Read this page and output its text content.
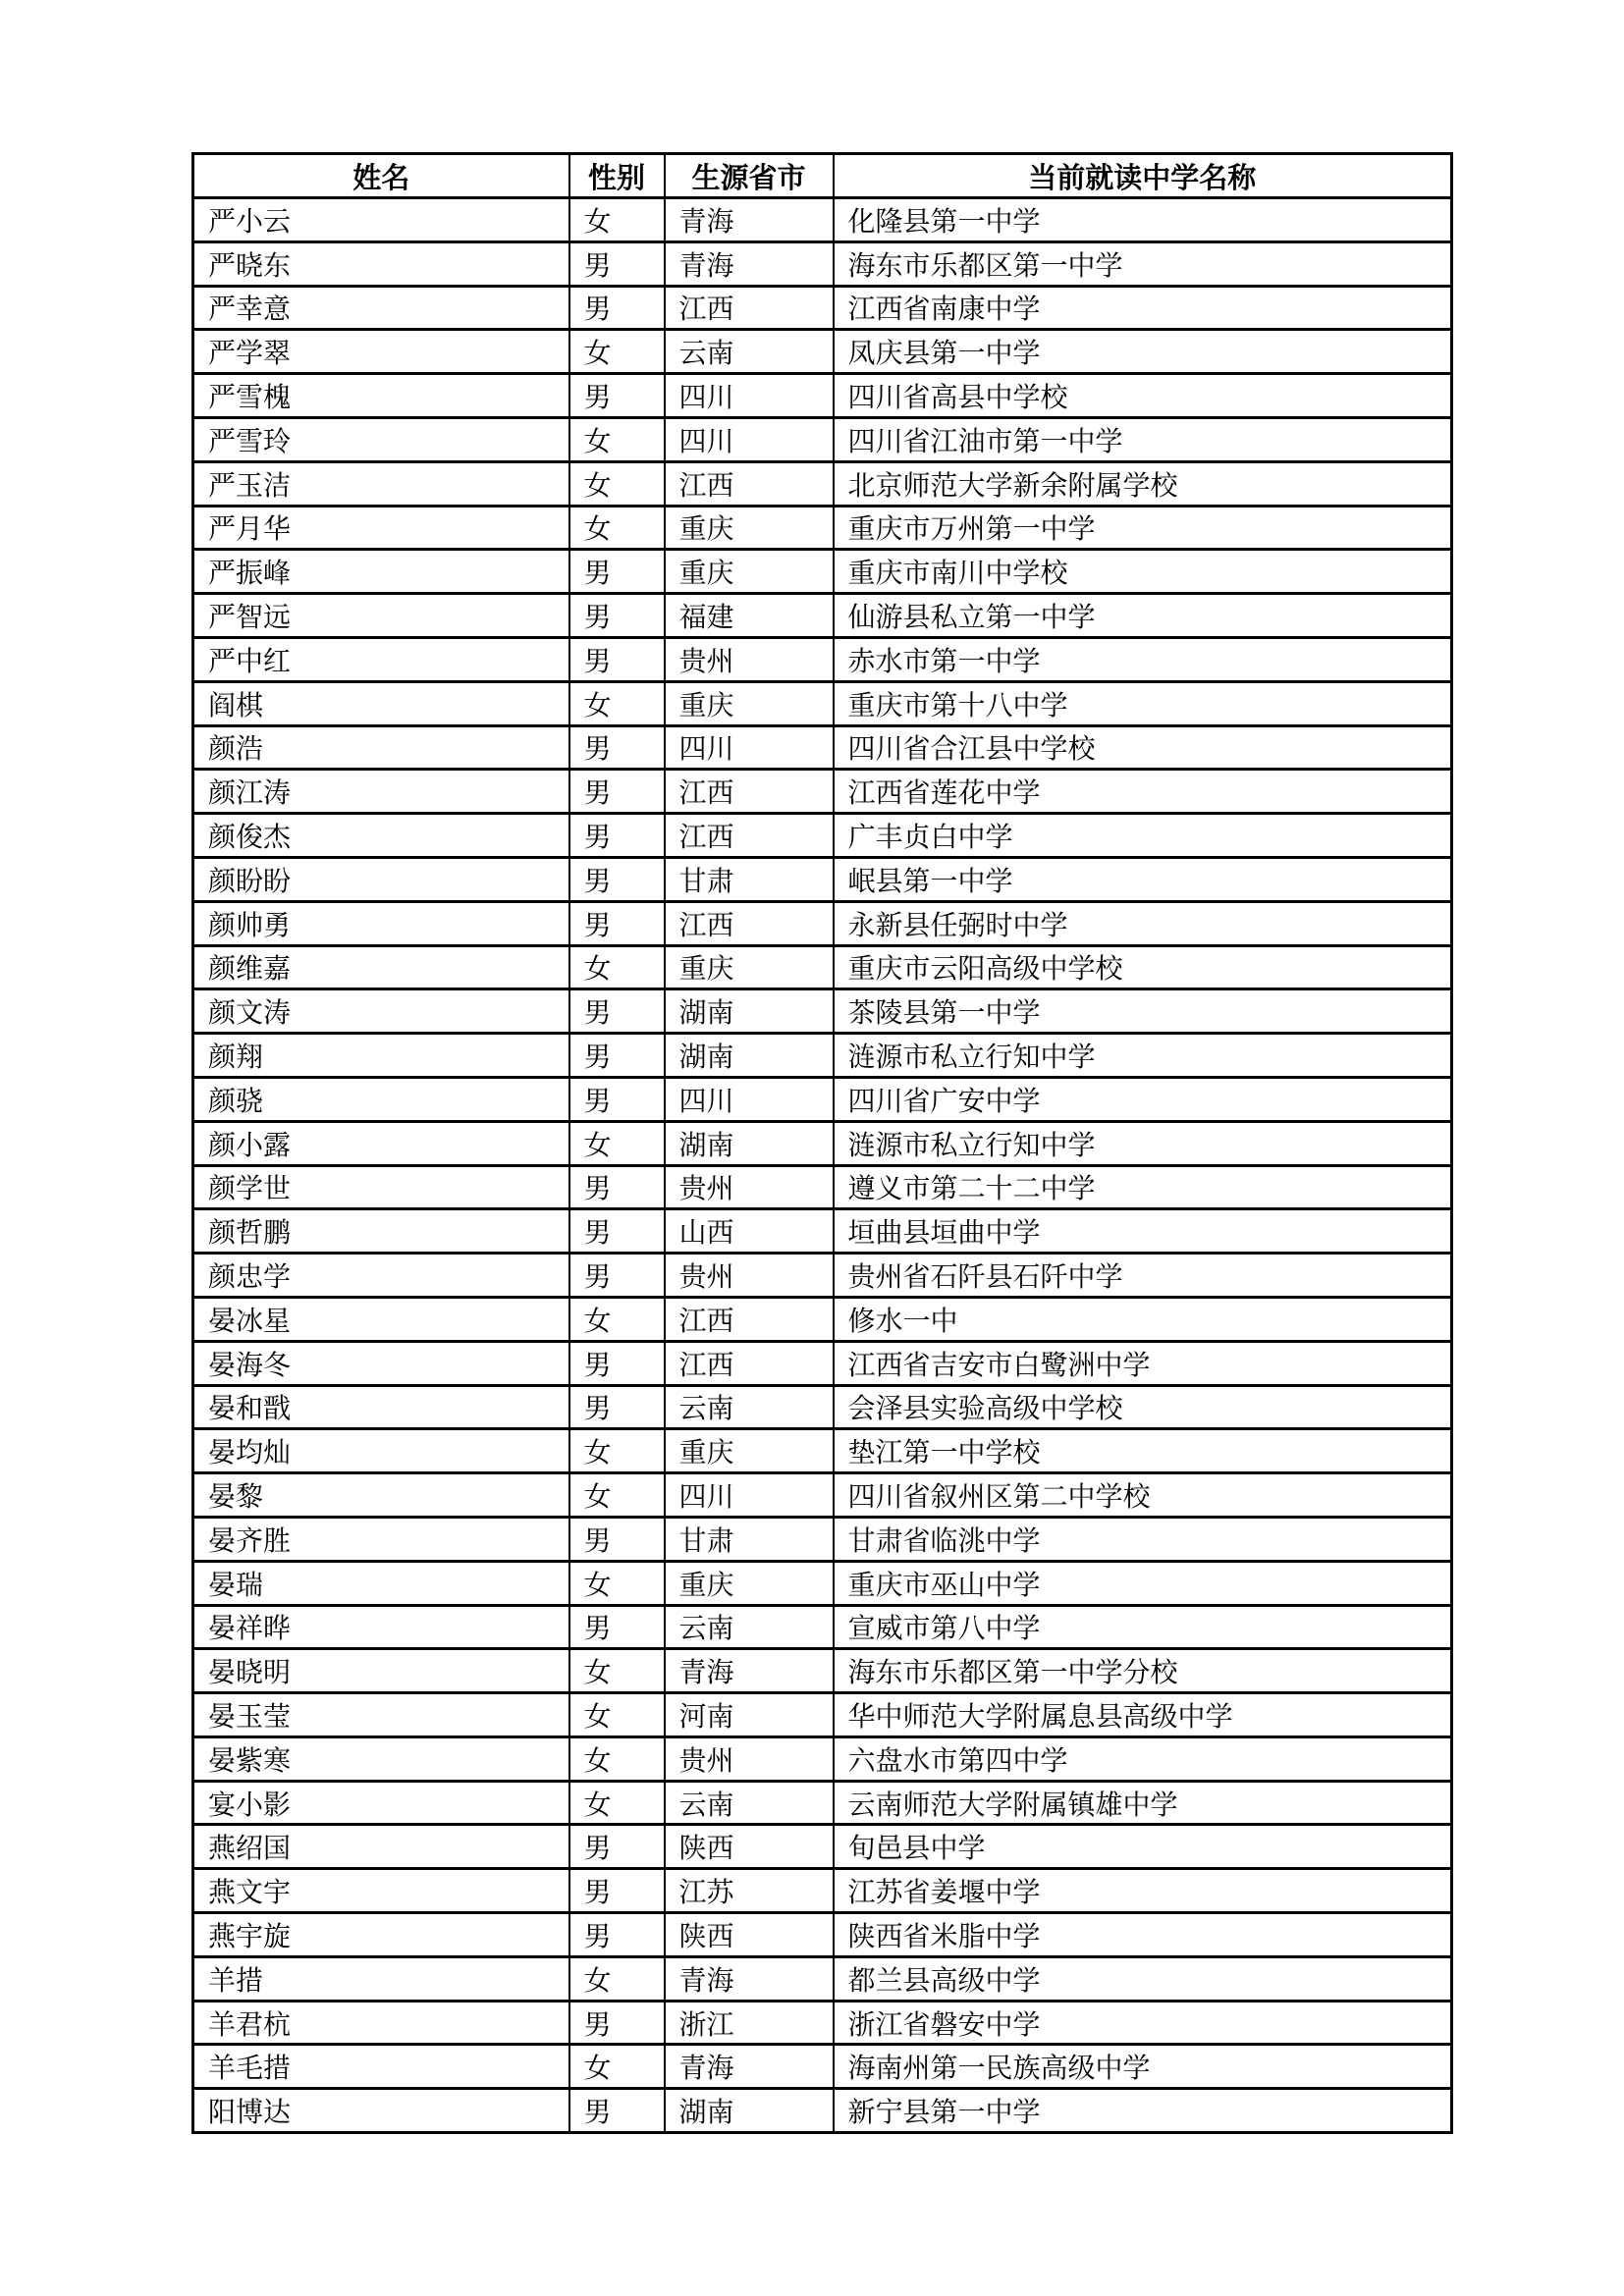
姓名	性别	生源省市	当前就读中学名称
严小云	女	青海	化隆县第一中学
严晓东	男	青海	海东市乐都区第一中学
严幸意	男	江西	江西省南康中学
严学翠	女	云南	凤庆县第一中学
严雪槐	男	四川	四川省高县中学校
严雪玲	女	四川	四川省江油市第一中学
严玉洁	女	江西	北京师范大学新余附属学校
严月华	女	重庆	重庆市万州第一中学
严振峰	男	重庆	重庆市南川中学校
严智远	男	福建	仙游县私立第一中学
严中红	男	贵州	赤水市第一中学
阎棋	女	重庆	重庆市第十八中学
颜浩	男	四川	四川省合江县中学校
颜江涛	男	江西	江西省莲花中学
颜俊杰	男	江西	广丰贞白中学
颜盼盼	男	甘肃	岷县第一中学
颜帅勇	男	江西	永新县任弼时中学
颜维嘉	女	重庆	重庆市云阳高级中学校
颜文涛	男	湖南	茶陵县第一中学
颜翔	男	湖南	涟源市私立行知中学
颜骁	男	四川	四川省广安中学
颜小露	女	湖南	涟源市私立行知中学
颜学世	男	贵州	遵义市第二十二中学
颜哲鹏	男	山西	垣曲县垣曲中学
颜忠学	男	贵州	贵州省石阡县石阡中学
晏冰星	女	江西	修水一中
晏海冬	男	江西	江西省吉安市白鹭洲中学
晏和戬	男	云南	会泽县实验高级中学校
晏均灿	女	重庆	垫江第一中学校
晏黎	女	四川	四川省叙州区第二中学校
晏齐胜	男	甘肃	甘肃省临洮中学
晏瑞	女	重庆	重庆市巫山中学
晏祥晔	男	云南	宣威市第八中学
晏晓明	女	青海	海东市乐都区第一中学分校
晏玉莹	女	河南	华中师范大学附属息县高级中学
晏紫寒	女	贵州	六盘水市第四中学
宴小影	女	云南	云南师范大学附属镇雄中学
燕绍国	男	陕西	旬邑县中学
燕文宇	男	江苏	江苏省姜堰中学
燕宇旋	男	陕西	陕西省米脂中学
羊措	女	青海	都兰县高级中学
羊君杭	男	浙江	浙江省磐安中学
羊毛措	女	青海	海南州第一民族高级中学
阳博达	男	湖南	新宁县第一中学
